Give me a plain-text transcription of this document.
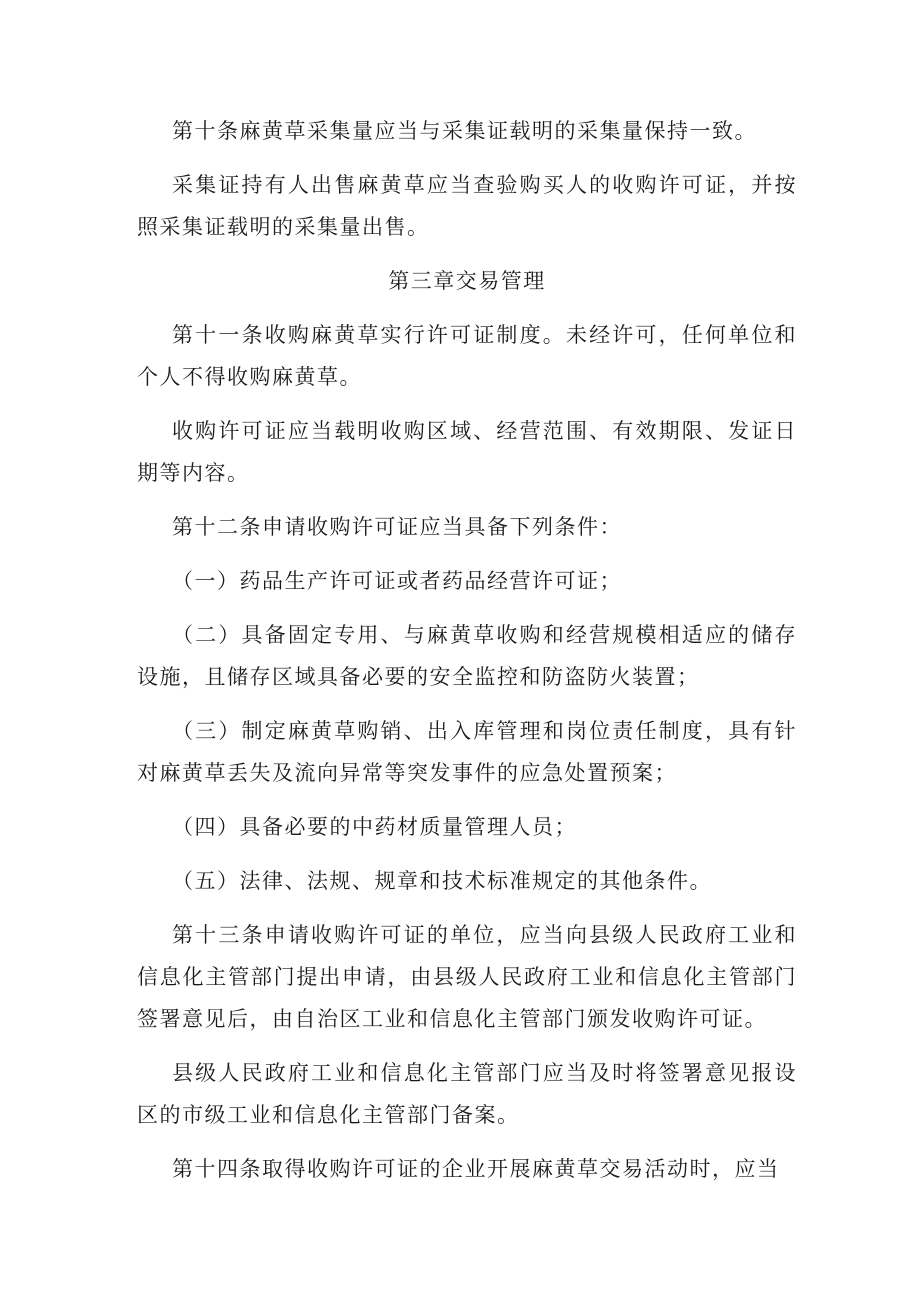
第十条麻黄草采集量应当与采集证载明的采集量保持一致。

采集证持有人出售麻黄草应当查验购买人的收购许可证，并按照采集证载明的采集量出售。

第三章交易管理

第十一条收购麻黄草实行许可证制度。未经许可，任何单位和个人不得收购麻黄草。

收购许可证应当载明收购区域、经营范围、有效期限、发证日期等内容。

第十二条申请收购许可证应当具备下列条件：

（一）药品生产许可证或者药品经营许可证；

（二）具备固定专用、与麻黄草收购和经营规模相适应的储存设施，且储存区域具备必要的安全监控和防盗防火装置；

（三）制定麻黄草购销、出入库管理和岗位责任制度，具有针对麻黄草丢失及流向异常等突发事件的应急处置预案；

（四）具备必要的中药材质量管理人员；

（五）法律、法规、规章和技术标准规定的其他条件。

第十三条申请收购许可证的单位，应当向县级人民政府工业和信息化主管部门提出申请，由县级人民政府工业和信息化主管部门签署意见后，由自治区工业和信息化主管部门颁发收购许可证。

县级人民政府工业和信息化主管部门应当及时将签署意见报设区的市级工业和信息化主管部门备案。

第十四条取得收购许可证的企业开展麻黄草交易活动时，应当
